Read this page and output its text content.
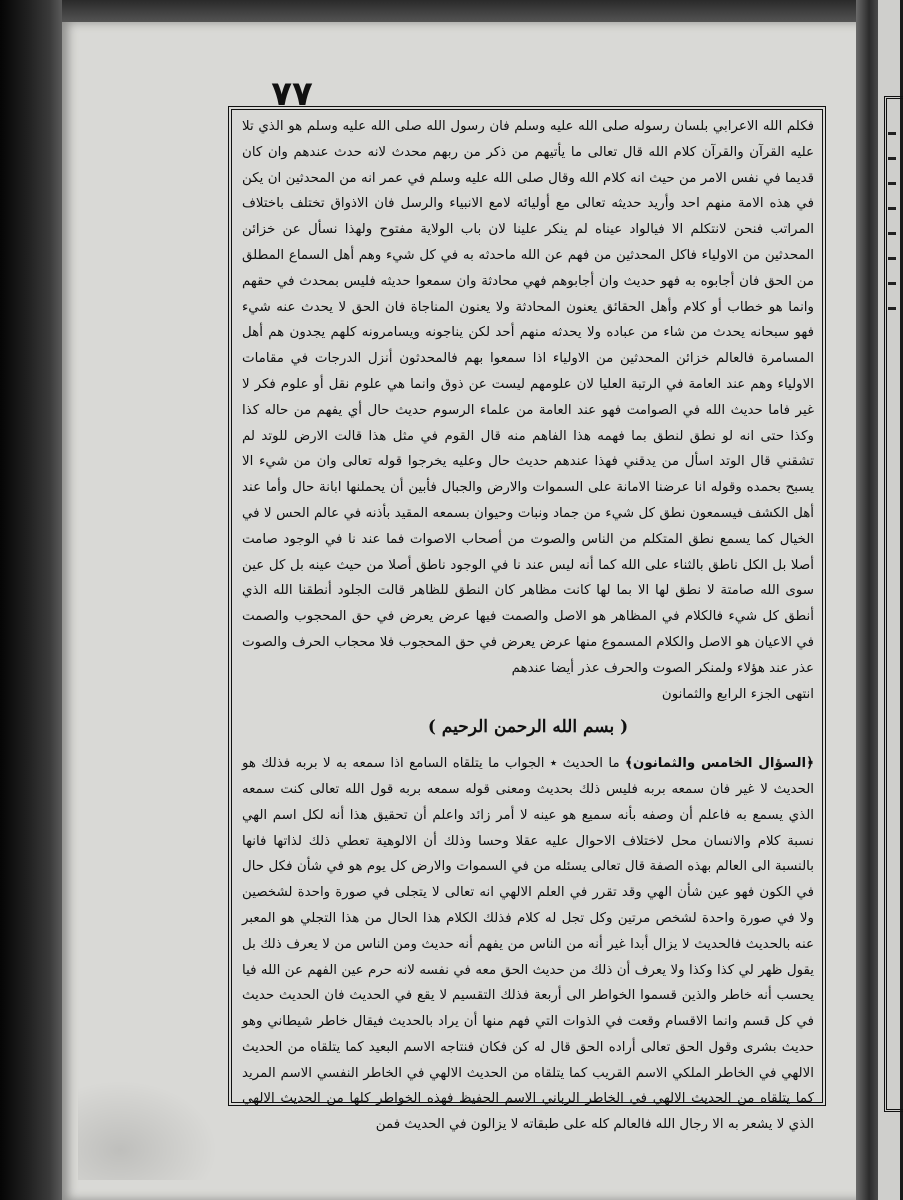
٧٧

فكلم الله الاعرابي بلسان رسوله صلى الله عليه وسلم فان رسول الله صلى الله عليه وسلم هو الذي تلا عليه القرآن والقرآن كلام الله قال تعالى ما يأتيهم من ذكر من ربهم محدث لانه حدث عندهم وان كان قديما في نفس الامر من حيث انه كلام الله وقال صلى الله عليه وسلم في عمر انه من المحدثين ان يكن في هذه الامة منهم احد وأريد حديثه تعالى مع أوليائه لامع الانبياء والرسل فان الاذواق تختلف باختلاف المراتب فنحن لانتكلم الا فيالواد عيناه لم ينكر علينا لان باب الولاية مفتوح ولهذا نسأل عن خزائن المحدثين من الاولياء فاكل المحدثين من فهم عن الله ماحدثه به في كل شيء وهم أهل السماع المطلق من الحق فان أجابوه به فهو حديث وان أجابوهم فهي محادثة وان سمعوا حديثه فليس بمحدث في حقهم وانما هو خطاب أو كلام وأهل الحقائق يعنون المحادثة ولا يعنون المناجاة فان الحق لا يحدث عنه شيء فهو سبحانه يحدث من شاء من عباده ولا يحدثه منهم أحد لكن يناجونه ويسامرونه كلهم يجدون هم أهل المسامرة فالعالم خزائن المحدثين من الاولياء اذا سمعوا بهم فالمحدثون أنزل الدرجات في مقامات الاولياء وهم عند العامة في الرتبة العليا لان علومهم ليست عن ذوق وانما هي علوم نقل أو علوم فكر لا غير فاما حديث الله في الصوامت فهو عند العامة من علماء الرسوم حديث حال أي يفهم من حاله كذا وكذا حتى انه لو نطق لنطق بما فهمه هذا الفاهم منه قال القوم في مثل هذا قالت الارض للوتد لم تشقني قال الوتد اسأل من يدقني فهذا عندهم حديث حال وعليه يخرجوا قوله تعالى وان من شيء الا يسبح بحمده وقوله انا عرضنا الامانة على السموات والارض والجبال فأبين أن يحملنها ابانة حال وأما عند أهل الكشف فيسمعون نطق كل شيء من جماد ونبات وحيوان بسمعه المقيد بأذنه في عالم الحس لا في الخيال كما يسمع نطق المتكلم من الناس والصوت من أصحاب الاصوات فما عند نا في الوجود صامت أصلا بل الكل ناطق بالثناء على الله كما أنه ليس عند نا في الوجود ناطق أصلا من حيث عينه بل كل عين سوى الله صامتة لا نطق لها الا بما لها كانت مظاهر كان النطق للظاهر قالت الجلود أنطقنا الله الذي أنطق كل شيء فالكلام في المظاهر هو الاصل والصمت فيها عرض يعرض في حق المحجوب والصمت في الاعيان هو الاصل والكلام المسموع منها عرض يعرض في حق المحجوب فلا محجاب الحرف والصوت عذر عند هؤلاء ولمنكر الصوت والحرف عذر أيضا عندهم

انتهى الجزء الرابع والثمانون

( بسم الله الرحمن الرحيم )

﴿السؤال الخامس والثمانون﴾ ما الحديث ٭ الجواب ما يتلقاه السامع اذا سمعه به لا بربه فذلك هو الحديث لا غير فان سمعه بربه فليس ذلك بحديث ومعنى قوله سمعه بربه قول الله تعالى كنت سمعه الذي يسمع به فاعلم أن وصفه بأنه سميع هو عينه لا أمر زائد واعلم أن تحقيق هذا أنه لكل اسم الهي نسبة كلام والانسان محل لاختلاف الاحوال عليه عقلا وحسا وذلك أن الالوهية تعطي ذلك لذاتها فانها بالنسبة الى العالم بهذه الصفة قال تعالى يسئله من في السموات والارض كل يوم هو في شأن فكل حال في الكون فهو عين شأن الهي وقد تقرر في العلم الالهي انه تعالى لا يتجلى في صورة واحدة لشخصين ولا في صورة واحدة لشخص مرتين وكل تجل له كلام فذلك الكلام هذا الحال من هذا التجلي هو المعبر عنه بالحديث فالحديث لا يزال أبدا غير أنه من الناس من يفهم أنه حديث ومن الناس من لا يعرف ذلك بل يقول ظهر لي كذا وكذا ولا يعرف أن ذلك من حديث الحق معه في نفسه لانه حرم عين الفهم عن الله فيا يحسب أنه خاطر والذين قسموا الخواطر الى أربعة فذلك التقسيم لا يقع في الحديث فان الحديث حديث في كل قسم وانما الاقسام وقعت في الذوات التي فهم منها أن يراد بالحديث فيقال خاطر شيطاني وهو حديث بشرى وقول الحق تعالى أراده الحق قال له كن فكان فنتاجه الاسم البعيد كما يتلقاه من الحديث الالهي في الخاطر الملكي الاسم القريب كما يتلقاه من الحديث الالهي في الخاطر النفسي الاسم المريد كما يتلقاه من الحديث الالهي في الخاطر الرباني الاسم الحفيظ فهذه الخواطر كلها من الحديث الالهي الذي لا يشعر به الا رجال الله فالعالم كله على طبقاته لا يزالون في الحديث فمن
